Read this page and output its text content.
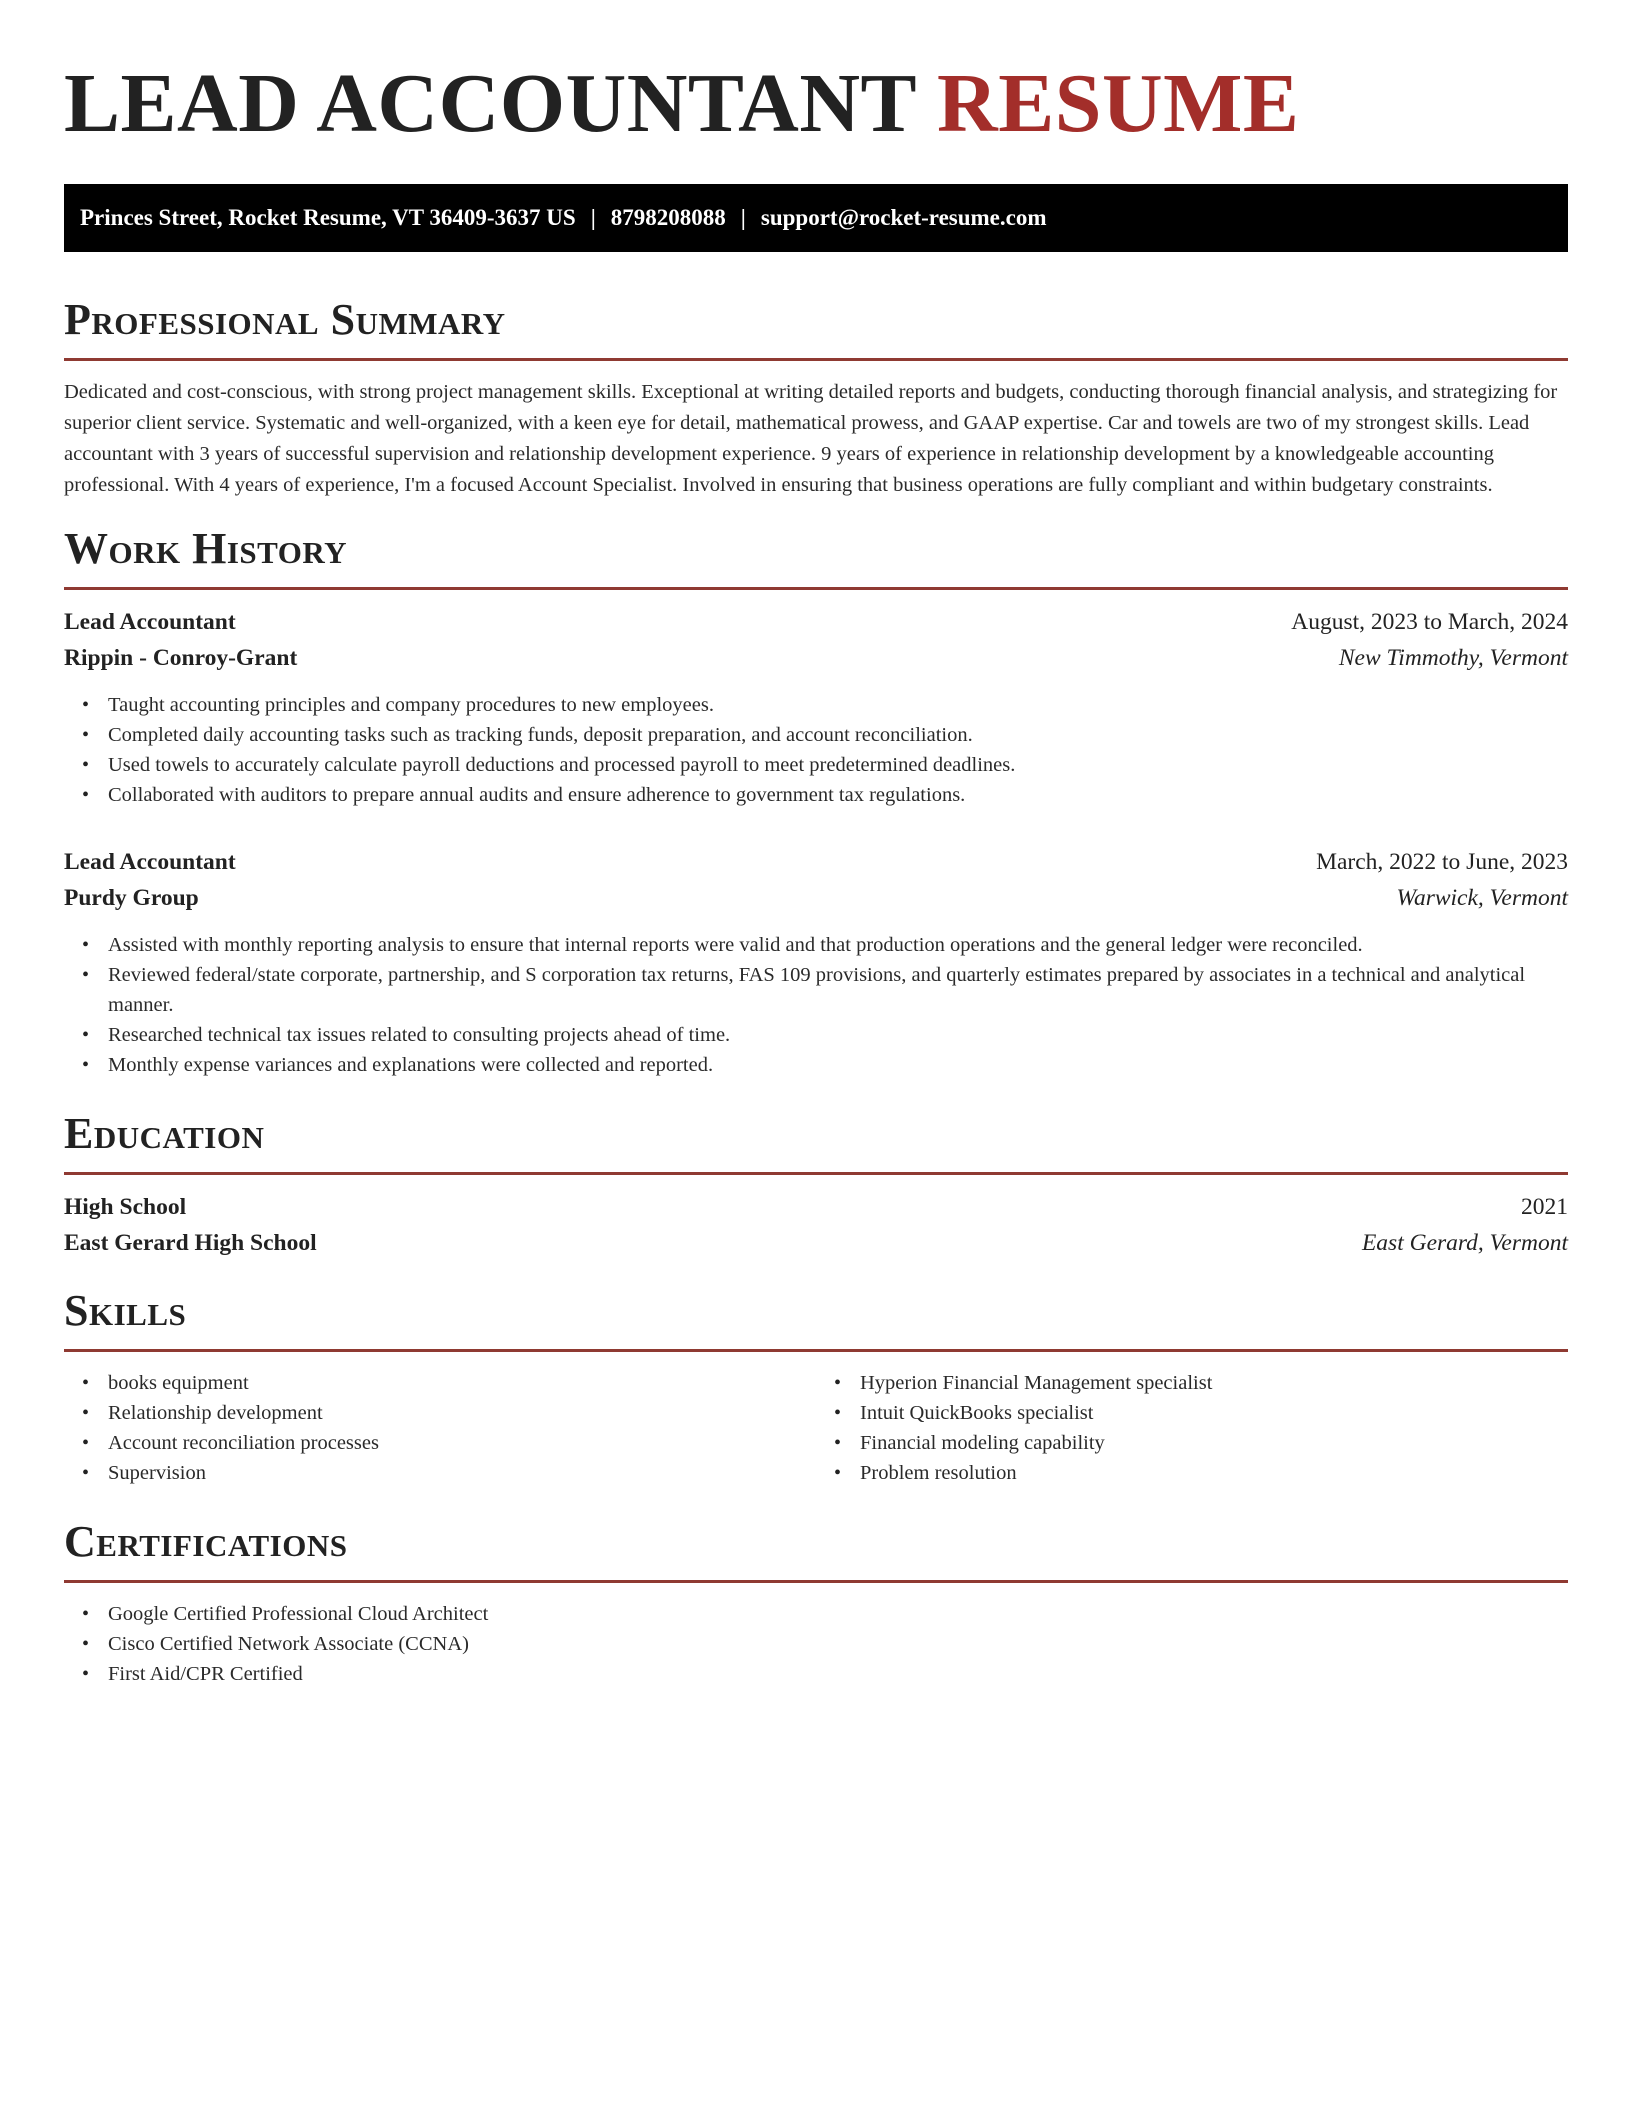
LEAD ACCOUNTANT RESUME
Princes Street, Rocket Resume, VT 36409-3637 US | 8798208088 | support@rocket-resume.com
Professional Summary

Dedicated and cost-conscious, with strong project management skills. Exceptional at writing detailed reports and budgets, conducting thorough financial analysis, and strategizing for superior client service. Systematic and well-organized, with a keen eye for detail, mathematical prowess, and GAAP expertise. Car and towels are two of my strongest skills. Lead accountant with 3 years of successful supervision and relationship development experience. 9 years of experience in relationship development by a knowledgeable accounting professional. With 4 years of experience, I'm a focused Account Specialist. Involved in ensuring that business operations are fully compliant and within budgetary constraints.

Work History
Lead Accountant	August, 2023 to March, 2024
Rippin - Conroy-Grant	New Timmothy, Vermont
• Taught accounting principles and company procedures to new employees.
• Completed daily accounting tasks such as tracking funds, deposit preparation, and account reconciliation.
• Used towels to accurately calculate payroll deductions and processed payroll to meet predetermined deadlines.
• Collaborated with auditors to prepare annual audits and ensure adherence to government tax regulations.
Lead Accountant	March, 2022 to June, 2023
Purdy Group	Warwick, Vermont
• Assisted with monthly reporting analysis to ensure that internal reports were valid and that production operations and the general ledger were reconciled.
• Reviewed federal/state corporate, partnership, and S corporation tax returns, FAS 109 provisions, and quarterly estimates prepared by associates in a technical and analytical manner.
• Researched technical tax issues related to consulting projects ahead of time.
• Monthly expense variances and explanations were collected and reported.
Education
High School	2021
East Gerard High School	East Gerard, Vermont
Skills
• books equipment
• Relationship development
• Account reconciliation processes
• Supervision
• Hyperion Financial Management specialist
• Intuit QuickBooks specialist
• Financial modeling capability
• Problem resolution
Certifications
• Google Certified Professional Cloud Architect
• Cisco Certified Network Associate (CCNA)
• First Aid/CPR Certified
